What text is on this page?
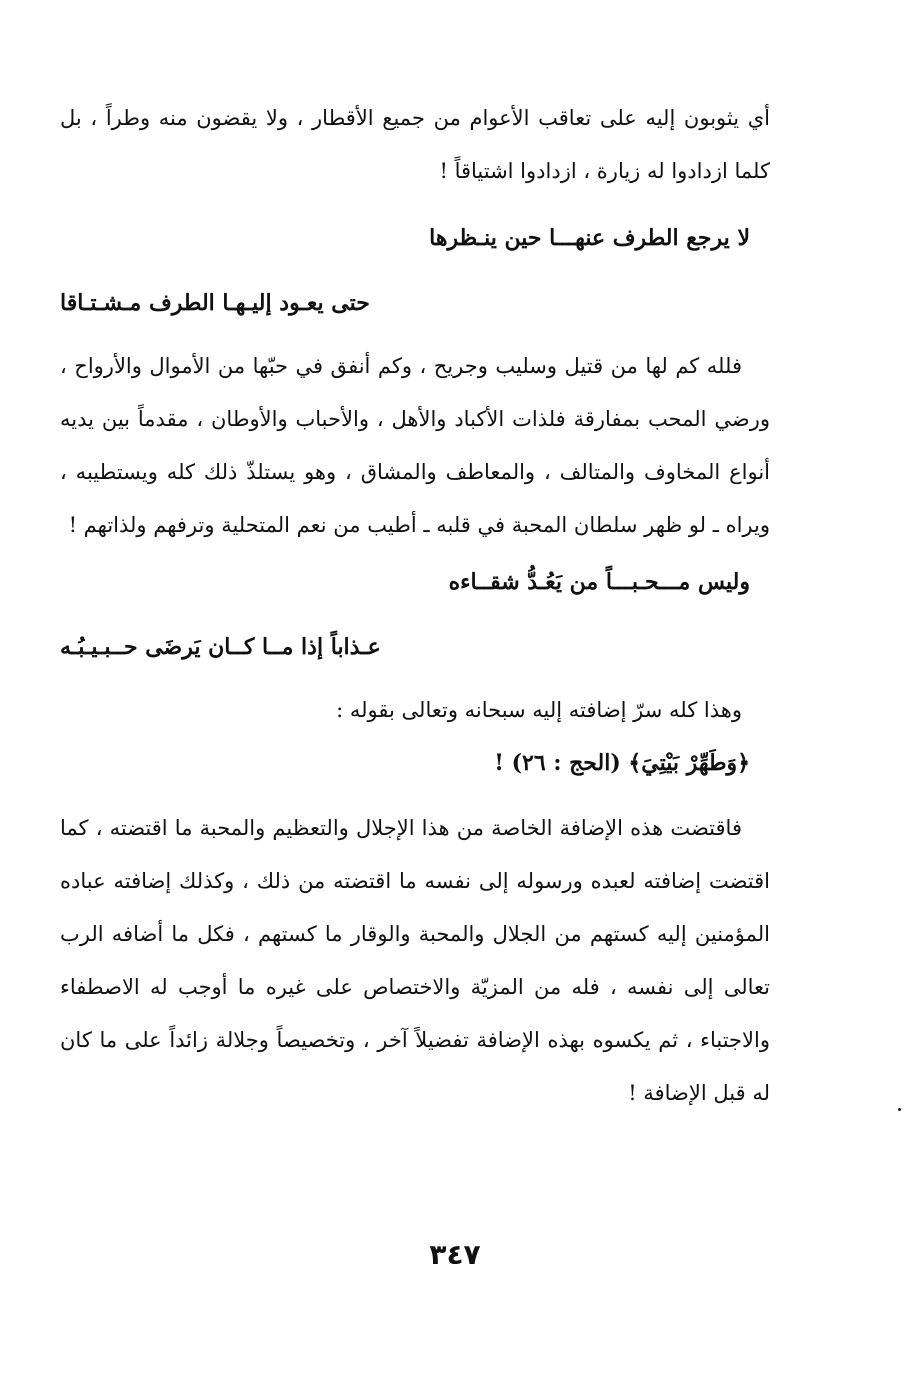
أي يثوبون إليه على تعاقب الأعوام من جميع الأقطار ، ولا يقضون منه وطراً ، بل كلما ازدادوا له زيارة ، ازدادوا اشتياقاً !

لا يرجع الطرف عنهـــا حين ينـظرها

حتى يعـود إليـهـا الطرف مـشـتـاقا

فلله كم لها من قتيل وسليب وجريح ، وكم أنفق في حبّها من الأموال والأرواح ، ورضي المحب بمفارقة فلذات الأكباد والأهل ، والأحباب والأوطان ، مقدماً بين يديه أنواع المخاوف والمتالف ، والمعاطف والمشاق ، وهو يستلذّ ذلك كله ويستطيبه ، ويراه ـ لو ظهر سلطان المحبة في قلبه ـ أطيب من نعم المتحلية وترفهم ولذاتهم !

وليس مـــحـبـــاً من يَعُـدُّ شقــاءه

عـذاباً إذا مــا كــان يَرضَى حــبـيـبُـه

وهذا كله سرّ إضافته إليه سبحانه وتعالى بقوله :

﴿وَطَهِّرْ بَيْتِيَ﴾ (الحج : ٢٦) !

فاقتضت هذه الإضافة الخاصة من هذا الإجلال والتعظيم والمحبة ما اقتضته ، كما اقتضت إضافته لعبده ورسوله إلى نفسه ما اقتضته من ذلك ، وكذلك إضافته عباده المؤمنين إليه كستهم من الجلال والمحبة والوقار ما كستهم ، فكل ما أضافه الرب تعالى إلى نفسه ، فله من المزيّة والاختصاص على غيره ما أوجب له الاصطفاء والاجتباء ، ثم يكسوه بهذه الإضافة تفضيلاً آخر ، وتخصيصاً وجلالة زائداً على ما كان له قبل الإضافة !

٣٤٧
